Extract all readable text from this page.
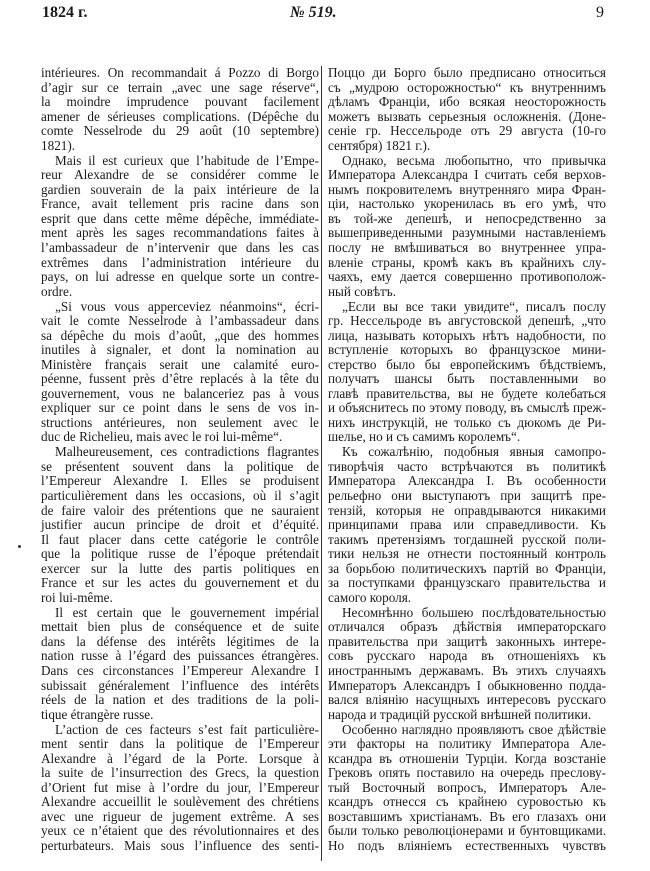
1824 г.	№ 519.	9
intérieures. On recommandait á Pozzo di Borgo
d’agir sur ce terrain „avec une sage réserve“,
la moindre imprudence pouvant facilement
amener de sérieuses complications. (Dépêche du
comte Nesselrode du 29 août (10 septembre)
1821).
Mais il est curieux que l’habitude de l’Empe-
reur Alexandre de se considérer comme le
gardien souverain de la paix intérieure de la
France, avait tellement pris racine dans son
esprit que dans cette même dépêche, immédiate-
ment après les sages recommandations faites à
l’ambassadeur de n’intervenir que dans les cas
extrêmes dans l’administration intérieure du
pays, on lui adresse en quelque sorte un contre-
ordre.
„Si vous vous apperceviez néanmoins“, écri-
vait le comte Nesselrode à l’ambassadeur dans
sa dépêche du mois d’août, „que des hommes
inutiles à signaler, et dont la nomination au
Ministère français serait une calamité euro-
péenne, fussent près d’être replacés à la tête du
gouvernement, vous ne balanceriez pas à vous
expliquer sur ce point dans le sens de vos in-
structions antérieures, non seulement avec le
duc de Richelieu, mais avec le roi lui-même“.
Malheureusement, ces contradictions flagrantes
se présentent souvent dans la politique de
l’Empereur Alexandre I. Elles se produisent
particulièrement dans les occasions, où il s’agit
de faire valoir des prétentions que ne sauraient
justifier aucun principe de droit et d’équité.
Il faut placer dans cette catégorie le contrôle
que la politique russe de l’époque prétendait
exercer sur la lutte des partis politiques en
France et sur les actes du gouvernement et du
roi lui-même.
Il est certain que le gouvernement impérial
mettait bien plus de conséquence et de suite
dans la défense des intérêts légitimes de la
nation russe à l’égard des puissances étrangères.
Dans ces circonstances l’Empereur Alexandre I
subissait généralement l’influence des intérêts
réels de la nation et des traditions de la poli-
tique étrangère russe.
L’action de ces facteurs s’est fait particulière-
ment sentir dans la politique de l’Empereur
Alexandre à l’égard de la Porte. Lorsque à
la suite de l’insurrection des Grecs, la question
d’Orient fut mise à l’ordre du jour, l’Empereur
Alexandre accueillit le soulèvement des chrétiens
avec une rigueur de jugement extrême. A ses
yeux ce n’étaient que des révolutionnaires et des
perturbateurs. Mais sous l’influence des senti-
Поццо ди Борго было предписано относиться
съ „мудрою осторожностью“ къ внутреннимъ
дѣламъ Франціи, ибо всякая неосторожность
можетъ вызвать серьезныя осложненія. (Доне-
сеніе гр. Нессельроде отъ 29 августа (10-го
сентября) 1821 г.).
Однако, весьма любопытно, что привычка
Императора Александра I считать себя верхов-
нымъ покровителемъ внутренняго мира Фран-
ціи, настолько укоренилась въ его умѣ, что
въ той-же депешѣ, и непосредственно за
вышеприведенными разумными наставленіемъ
послу не вмѣшиваться во внутреннее упра-
вленіе страны, кромѣ какъ въ крайнихъ слу-
чаяхъ, ему дается совершенно противополож-
ный совѣтъ.
„Если вы все таки увидите“, писалъ послу
гр. Нессельроде въ августовской депешѣ, „что
лица, называть которыхъ нѣтъ надобности, по
вступленіе которыхъ во французское мини-
стерство было бы европейскимъ бѣдствіемъ,
получатъ шансы быть поставленными во
главѣ правительства, вы не будете колебаться
и объяснитесь по этому поводу, въ смыслѣ преж-
нихъ инструкцій, не только съ дюкомъ де Ри-
шелье, но и съ самимъ королемъ“.
Къ сожалѣнію, подобныя явныя самопро-
тиворѣчія часто встрѣчаются въ политикѣ
Императора Александра I. Въ особенности
рельефно они выступаютъ при защитѣ пре-
тензій, которыя не оправдываются никакими
принципами права или справедливости. Къ
такимъ претензіямъ тогдашней русской поли-
тики нельзя не отнести постоянный контроль
за борьбою политическихъ партій во Франціи,
за поступками французскаго правительства и
самого короля.
Несомнѣнно большею послѣдовательностью
отличался образъ дѣйствія императорскаго
правительства при защитѣ законныхъ интере-
совъ русскаго народа въ отношеніяхъ къ
иностраннымъ державамъ. Въ этихъ случаяхъ
Императоръ Александръ I обыкновенно подда-
вался вліянію насущныхъ интересовъ русскаго
народа и традицій русской внѣшней политики.
Особенно наглядно проявляютъ свое дѣйствіе
эти факторы на политику Императора Але-
ксандра въ отношеніи Турціи. Когда возстаніе
Грековъ опять поставило на очередь преслову-
тый Восточный вопросъ, Императоръ Але-
ксандръ отнесся съ крайнею суровостью къ
возставшимъ христіанамъ. Въ его глазахъ они
были только революціонерами и бунтовщиками.
Но подъ вліяніемъ естественныхъ чувствъ
